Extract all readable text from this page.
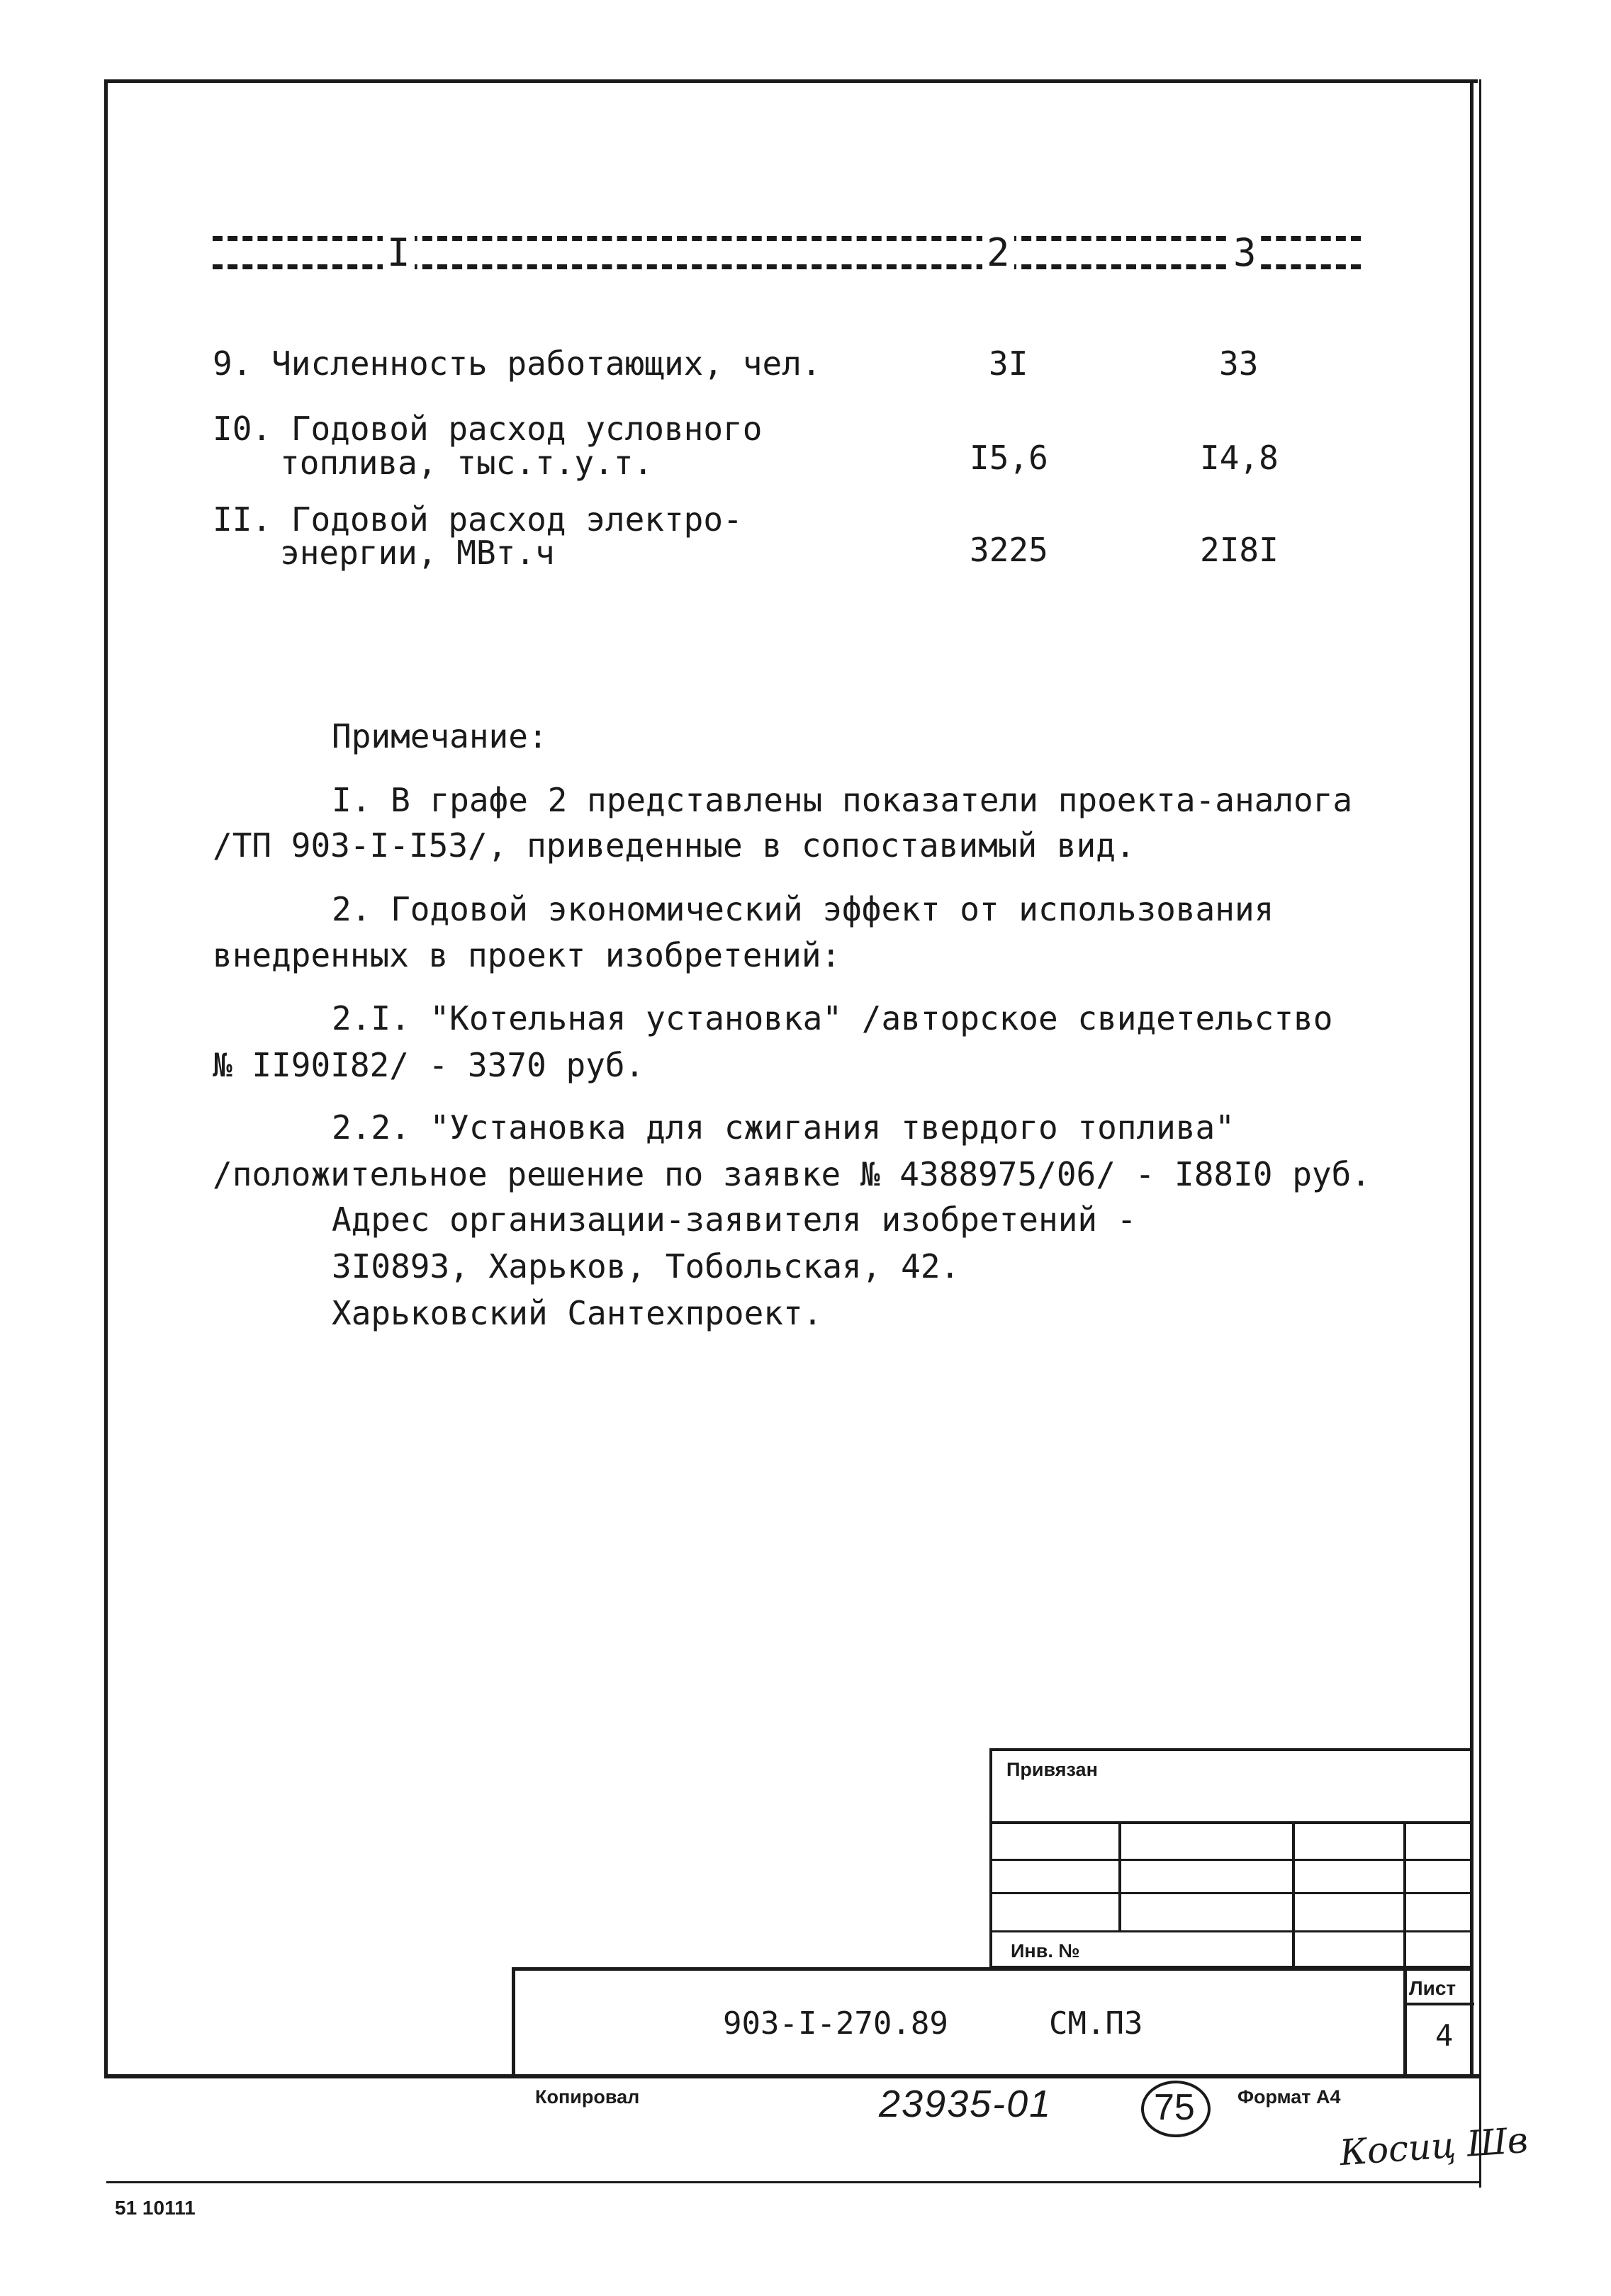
I	2	3
9. Численность работающих, чел.	3I	33
I0. Годовой расход условного
топлива, тыс.т.у.т.	I5,6	I4,8
II. Годовой расход электро-
энергии, МВт.ч	3225	2I8I
Примечание:
I. В графе 2 представлены показатели проекта-аналога
/ТП 903-I-I53/, приведенные в сопоставимый вид.
2. Годовой экономический эффект от использования
внедренных в проект изобретений:
2.I. "Котельная установка" /авторское свидетельство
№ II90I82/ - 3370 руб.
2.2. "Установка для сжигания твердого топлива"
/положительное решение по заявке № 4388975/06/ - I88I0 руб.
Адрес организации-заявителя изобретений -
3I0893, Харьков, Тобольская, 42.
Харьковский Сантехпроект.
Привязан
Инв. №
903-I-270.89	СМ.ПЗ
Лист
4
Копировал	23935-01	75 Формат А4
Косиц Шв
51 10111
